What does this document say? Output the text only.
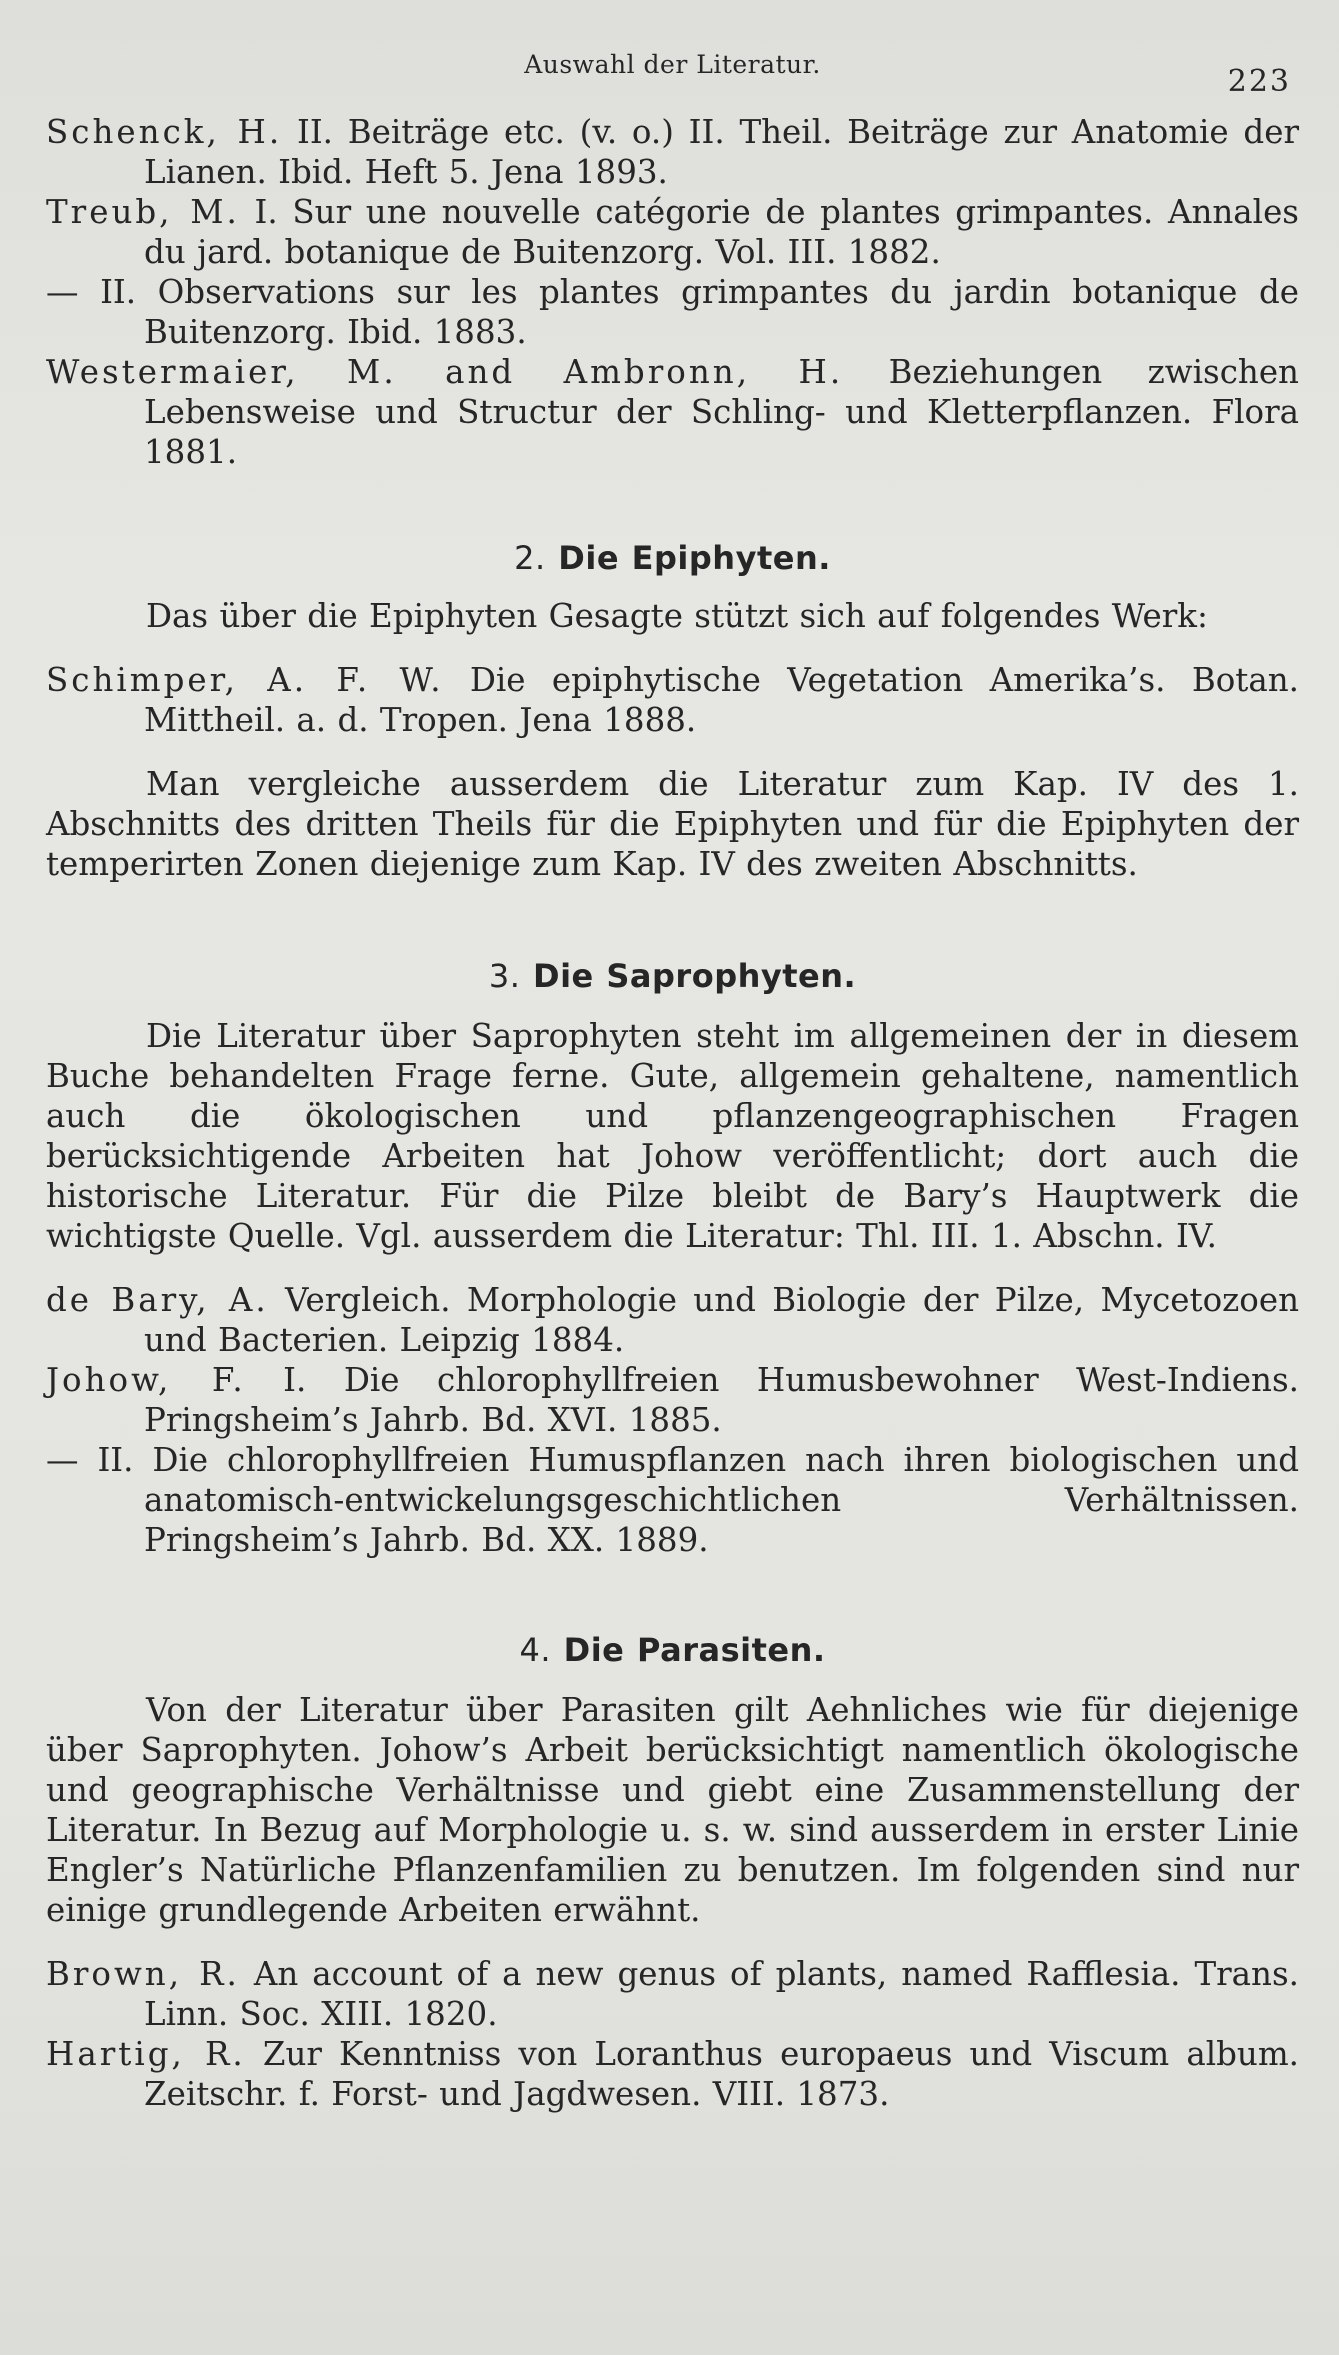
Auswahl der Literatur.	223

Schenck, H. II. Beiträge etc. (v. o.) II. Theil. Beiträge zur Anatomie der Lianen. Ibid. Heft 5. Jena 1893.

Treub, M. I. Sur une nouvelle catégorie de plantes grimpantes. Annales du jard. botanique de Buitenzorg. Vol. III. 1882.

— II. Observations sur les plantes grimpantes du jardin botanique de Buitenzorg. Ibid. 1883.

Westermaier, M. and Ambronn, H. Beziehungen zwischen Lebensweise und Structur der Schling- und Kletterpflanzen. Flora 1881.

2. Die Epiphyten.

Das über die Epiphyten Gesagte stützt sich auf folgendes Werk:

Schimper, A. F. W. Die epiphytische Vegetation Amerika’s. Botan. Mittheil. a. d. Tropen. Jena 1888.

Man vergleiche ausserdem die Literatur zum Kap. IV des 1. Abschnitts des dritten Theils für die Epiphyten und für die Epiphyten der temperirten Zonen diejenige zum Kap. IV des zweiten Abschnitts.

3. Die Saprophyten.

Die Literatur über Saprophyten steht im allgemeinen der in diesem Buche behandelten Frage ferne. Gute, allgemein gehaltene, namentlich auch die ökologischen und pflanzengeographischen Fragen berücksichtigende Arbeiten hat Johow veröffentlicht; dort auch die historische Literatur. Für die Pilze bleibt de Bary’s Hauptwerk die wichtigste Quelle. Vgl. ausserdem die Literatur: Thl. III. 1. Abschn. IV.

de Bary, A. Vergleich. Morphologie und Biologie der Pilze, Mycetozoen und Bacterien. Leipzig 1884.

Johow, F. I. Die chlorophyllfreien Humusbewohner West-Indiens. Pringsheim’s Jahrb. Bd. XVI. 1885.

— II. Die chlorophyllfreien Humuspflanzen nach ihren biologischen und anatomisch-entwickelungsgeschichtlichen Verhältnissen. Pringsheim’s Jahrb. Bd. XX. 1889.

4. Die Parasiten.

Von der Literatur über Parasiten gilt Aehnliches wie für diejenige über Saprophyten. Johow’s Arbeit berücksichtigt namentlich ökologische und geographische Verhältnisse und giebt eine Zusammenstellung der Literatur. In Bezug auf Morphologie u. s. w. sind ausserdem in erster Linie Engler’s Natürliche Pflanzenfamilien zu benutzen. Im folgenden sind nur einige grundlegende Arbeiten erwähnt.

Brown, R. An account of a new genus of plants, named Rafflesia. Trans. Linn. Soc. XIII. 1820.

Hartig, R. Zur Kenntniss von Loranthus europaeus und Viscum album. Zeitschr. f. Forst- und Jagdwesen. VIII. 1873.
